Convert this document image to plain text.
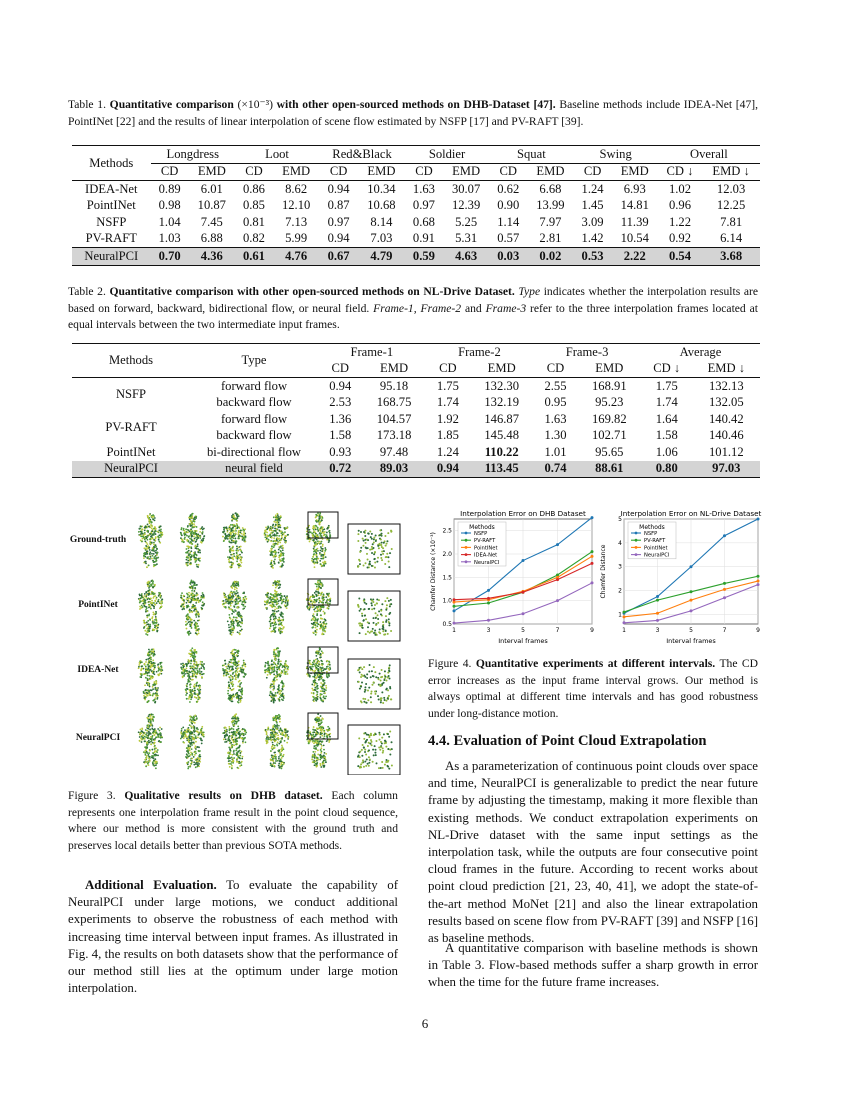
Table 1. Quantitative comparison (×10⁻³) with other open-sourced methods on DHB-Dataset [47]. Baseline methods include IDEA-Net [47], PointINet [22] and the results of linear interpolation of scene flow estimated by NSFP [17] and PV-RAFT [39].
Methods	Longdress		Loot		Red&Black		Soldier		Squat		Swing		Overall	
	CD	EMD	CD	EMD	CD	EMD	CD	EMD	CD	EMD	CD	EMD	CD ↓	EMD ↓
IDEA-Net	0.89	6.01	0.86	8.62	0.94	10.34	1.63	30.07	0.62	6.68	1.24	6.93	1.02	12.03
PointINet	0.98	10.87	0.85	12.10	0.87	10.68	0.97	12.39	0.90	13.99	1.45	14.81	0.96	12.25
NSFP	1.04	7.45	0.81	7.13	0.97	8.14	0.68	5.25	1.14	7.97	3.09	11.39	1.22	7.81
PV-RAFT	1.03	6.88	0.82	5.99	0.94	7.03	0.91	5.31	0.57	2.81	1.42	10.54	0.92	6.14
NeuralPCI	0.70	4.36	0.61	4.76	0.67	4.79	0.59	4.63	0.03	0.02	0.53	2.22	0.54	3.68
Table 2. Quantitative comparison with other open-sourced methods on NL-Drive Dataset. Type indicates whether the interpolation results are based on forward, backward, bidirectional flow, or neural field. Frame-1, Frame-2 and Frame-3 refer to the three interpolation frames located at equal intervals between the two intermediate input frames.
Methods	Type	Frame-1		Frame-2		Frame-3		Average	
		CD	EMD	CD	EMD	CD	EMD	CD ↓	EMD ↓
NSFP	forward flow	0.94	95.18	1.75	132.30	2.55	168.91	1.75	132.13
	backward flow	2.53	168.75	1.74	132.19	0.95	95.23	1.74	132.05
PV-RAFT	forward flow	1.36	104.57	1.92	146.87	1.63	169.82	1.64	140.42
	backward flow	1.58	173.18	1.85	145.48	1.30	102.71	1.58	140.46
PointINet	bi-directional flow	0.93	97.48	1.24	110.22	1.01	95.65	1.06	101.12
NeuralPCI	neural field	0.72	89.03	0.94	113.45	0.74	88.61	0.80	97.03
Ground-truth
PointINet
IDEA-Net
NeuralPCI
Figure 3. Qualitative results on DHB dataset. Each column represents one interpolation frame result in the point cloud sequence, where our method is more consistent with the ground truth and preserves local details better than previous SOTA methods.
Interpolation Error on DHB Dataset
1	3	5	7	9
0.5
1.0
1.5
2.0
2.5
Interval frames
Chamfer Distance (×10⁻³)
Methods
NSFP
PV-RAFT
PointINet
IDEA-Net
NeuralPCI
Interpolation Error on NL-Drive Dataset
1	3	5	7	9
1
2
3
4
5
Interval frames
Chamfer Distance
Methods
NSFP
PV-RAFT
PointINet
NeuralPCI
Figure 4. Quantitative experiments at different intervals. The CD error increases as the input frame interval grows. Our method is always optimal at different time intervals and has good robustness under long-distance motion.
4.4. Evaluation of Point Cloud Extrapolation
As a parameterization of continuous point clouds over space and time, NeuralPCI is generalizable to predict the near future frame by adjusting the timestamp, making it more flexible than existing methods. We conduct extrapolation experiments on NL-Drive dataset with the same input settings as the interpolation task, while the outputs are four consecutive point cloud frames in the future. According to recent works about point cloud prediction [21, 23, 40, 41], we adopt the state-of-the-art method MoNet [21] and also the linear extrapolation results based on scene flow from PV-RAFT [39] and NSFP [16] as baseline methods.
A quantitative comparison with baseline methods is shown in Table 3. Flow-based methods suffer a sharp growth in error when the time for the future frame increases.
Additional Evaluation. To evaluate the capability of NeuralPCI under large motions, we conduct additional experiments to observe the robustness of each method with increasing time interval between input frames. As illustrated in Fig. 4, the results on both datasets show that the performance of our method still lies at the optimum under large motion interpolation.
6
